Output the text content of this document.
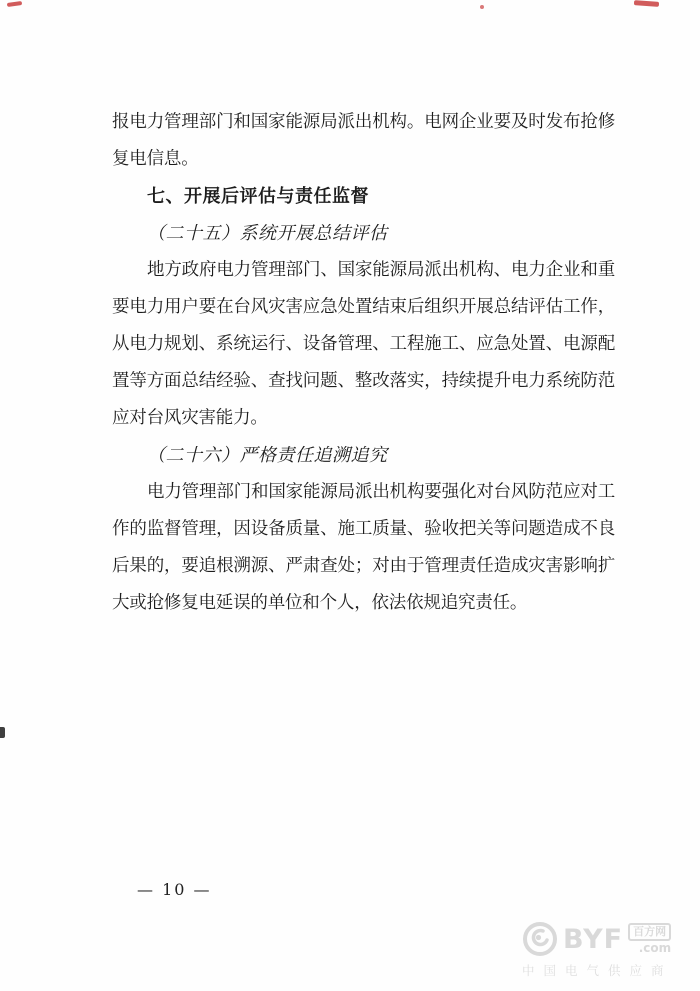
报电力管理部门和国家能源局派出机构。电网企业要及时发布抢修
复电信息。
七、开展后评估与责任监督
（二十五）系统开展总结评估
地方政府电力管理部门、国家能源局派出机构、电力企业和重
要电力用户要在台风灾害应急处置结束后组织开展总结评估工作，
从电力规划、系统运行、设备管理、工程施工、应急处置、电源配
置等方面总结经验、查找问题、整改落实，持续提升电力系统防范
应对台风灾害能力。
（二十六）严格责任追溯追究
电力管理部门和国家能源局派出机构要强化对台风防范应对工
作的监督管理，因设备质量、施工质量、验收把关等问题造成不良
后果的，要追根溯源、严肃查处；对由于管理责任造成灾害影响扩
大或抢修复电延误的单位和个人，依法依规追究责任。
— 10 —
BYF 百方网
.com
中国电气供应商
